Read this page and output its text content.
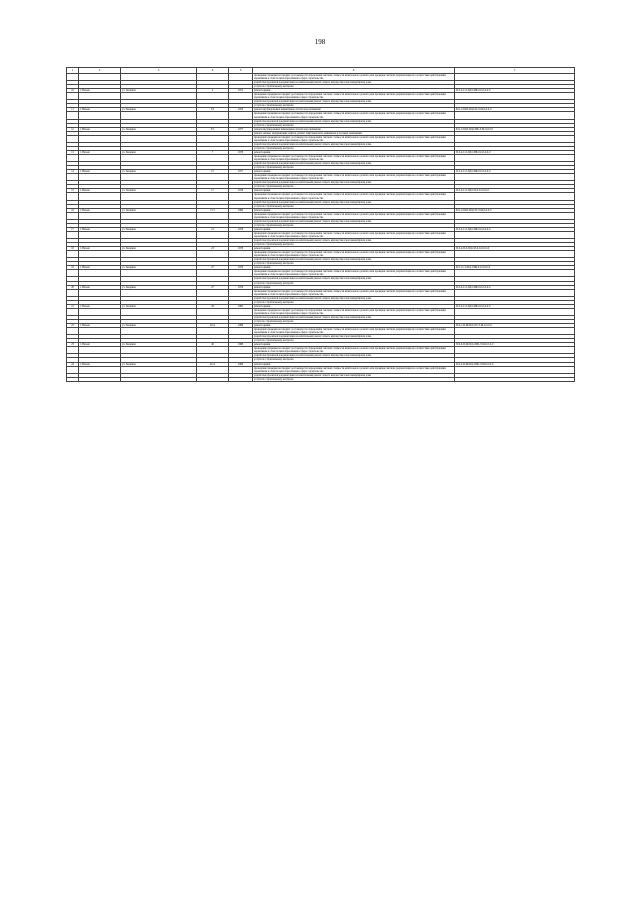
198
1	2	3	4	5	6	7
					проведение проверки на предмет достоверности определения сметной стоимости капитального ремонта или проверки сметной документации на соответствие действующим нормативам в области ценообразования в сфере строительства	
					разработка проектной документации на капитальный ремонт общего имущества в многоквартирном доме	
					услуги по строительному контролю	
10	г. Назым	ул. Звезрина	2	1972	ремонт крыши	П-5-4-С-0-ПД-СИБ-0-0-0-0-0-0
					проведение проверки на предмет достоверности определения сметной стоимости капитального ремонта или проверки сметной документации на соответствие действующим нормативам в области ценообразования в сфере строительства	
					разработка проектной документации на капитальный ремонт общего имущества в многоквартирном доме	
					услуги по строительному контролю	
11	г. Назым	ул. Звезрина	3/2	1976	ремонт внутридомовых инженерных систем водоснабжения	Б-9-1-П-Ш-ПД-СП-Э-М-0-0-0-0
					проведение проверки на предмет достоверности определения сметной стоимости капитального ремонта или проверки сметной документации на соответствие действующим нормативам в области ценообразования в сфере строительства	
					разработка проектной документации на капитальный ремонт общего имущества в многоквартирном доме	
					услуги по строительному контролю	
12	г. Назым	ул. Звезрина	3/1	1977	ремонт внутридомовых инженерных систем водоснабжения	Б-9-1-П-Ш-ПД-СИБ-Э-М-0-0-0-0
					ремонт, замена, модернизация лифтов, ремонт лифтовых шахт, машинных и блочных помещений	
					проведение проверки на предмет достоверности определения сметной стоимости капитального ремонта или проверки сметной документации на соответствие действующим нормативам в области ценообразования в сфере строительства	
					разработка проектной документации на капитальный ремонт общего имущества в многоквартирном доме	
					услуги по строительному контролю	
13	г. Назым	ул. Звезрина	7	1978	ремонт крыши	П-5-4-С-0-ПД-СИБ-0-0-0-0-0-0
					проведение проверки на предмет достоверности определения сметной стоимости капитального ремонта или проверки сметной документации на соответствие действующим нормативам в области ценообразования в сфере строительства	
					разработка проектной документации на капитальный ремонт общего имущества в многоквартирном доме	
					услуги по строительному контролю	
14	г. Назым	ул. Звезрина	15	1977	ремонт крыши	П-5-4-С-0-ПД-СИБ-0-0-0-0-0-0
					проведение проверки на предмет достоверности определения сметной стоимости капитального ремонта или проверки сметной документации на соответствие действующим нормативам в области ценообразования в сфере строительства	
					разработка проектной документации на капитальный ремонт общего имущества в многоквартирном доме	
					услуги по строительному контролю	
15	г. Назым	ул. Звезрина	17	1978	ремонт крыши	П-5-4-С-0-ПД-СП-0-0-0-0-0-0
					проведение проверки на предмет достоверности определения сметной стоимости капитального ремонта или проверки сметной документации на соответствие действующим нормативам в области ценообразования в сфере строительства	
					разработка проектной документации на капитальный ремонт общего имущества в многоквартирном доме	
					услуги по строительному контролю	
16	г. Назым	ул. Звезрина	17/1	1980	ремонт крыши	Б-9-1-П-Ш-ПД-СП-Э-М-0-0-0-0
					проведение проверки на предмет достоверности определения сметной стоимости капитального ремонта или проверки сметной документации на соответствие действующим нормативам в области ценообразования в сфере строительства	
					разработка проектной документации на капитальный ремонт общего имущества в многоквартирном доме	
					услуги по строительному контролю	
17	г. Назым	ул. Звезрина	21	1978	ремонт крыши	П-5-4-С-0-ПД-СИБ-0-0-0-0-0-0
					проведение проверки на предмет достоверности определения сметной стоимости капитального ремонта или проверки сметной документации на соответствие действующим нормативам в области ценообразования в сфере строительства	
					разработка проектной документации на капитальный ремонт общего имущества в многоквартирном доме	
					услуги по строительному контролю	
18	г. Назым	ул. Звезрина	23	1978	ремонт крыши	П-5-4-П-0-ПД-СП-0-0-0-0-0-0
					проведение проверки на предмет достоверности определения сметной стоимости капитального ремонта или проверки сметной документации на соответствие действующим нормативам в области ценообразования в сфере строительства	
					разработка проектной документации на капитальный ремонт общего имущества в многоквартирном доме	
					услуги по строительному контролю	
19	г. Назым	ул. Звезрина	27	1979	ремонт крыши	Б-5-1-С-0-ПД-СИБ-0-0-0-0-0-0
					проведение проверки на предмет достоверности определения сметной стоимости капитального ремонта или проверки сметной документации на соответствие действующим нормативам в области ценообразования в сфере строительства	
					разработка проектной документации на капитальный ремонт общего имущества в многоквартирном доме	
					услуги по строительному контролю	
20	г. Назым	ул. Звезрина	27	1979	ремонт крыши	П-5-4-С-0-ПД-СИБ-0-0-0-0-0-0
					проведение проверки на предмет достоверности определения сметной стоимости капитального ремонта или проверки сметной документации на соответствие действующим нормативам в области ценообразования в сфере строительства	
					разработка проектной документации на капитальный ремонт общего имущества в многоквартирном доме	
					услуги по строительному контролю	
21	г. Назым	ул. Звезрина	29	1982	ремонт крыши	П-5-4-С-0-ПД-СИБ-0-0-0-0-0-0
					проведение проверки на предмет достоверности определения сметной стоимости капитального ремонта или проверки сметной документации на соответствие действующим нормативам в области ценообразования в сфере строительства	
					разработка проектной документации на капитальный ремонт общего имущества в многоквартирном доме	
					услуги по строительному контролю	
22	г. Назым	ул. Звезрина	29 А	1986	ремонт крыши	П-9-1-П-Ш-ПД-СП-Э-М-0-0-0-0
					проведение проверки на предмет достоверности определения сметной стоимости капитального ремонта или проверки сметной документации на соответствие действующим нормативам в области ценообразования в сфере строительства	
					разработка проектной документации на капитальный ремонт общего имущества в многоквартирном доме	
					услуги по строительному контролю	
23	г. Назым	ул. Звезрина	40	1988	ремонт крыши	П-9-6-П-Ш-ПД-СИБ-Э-М-0-0-0-0
					проведение проверки на предмет достоверности определения сметной стоимости капитального ремонта или проверки сметной документации на соответствие действующим нормативам в области ценообразования в сфере строительства	
					разработка проектной документации на капитальный ремонт общего имущества в многоквартирном доме	
					услуги по строительному контролю	
24	г. Назым	ул. Звезрина	40 А	1988	ремонт крыши	П-9-2-П-Ш-ПД-СИБ-Э-М-0-0-0-0
					проведение проверки на предмет достоверности определения сметной стоимости капитального ремонта или проверки сметной документации на соответствие действующим нормативам в области ценообразования в сфере строительства	
					разработка проектной документации на капитальный ремонт общего имущества в многоквартирном доме	
					услуги по строительному контролю	
